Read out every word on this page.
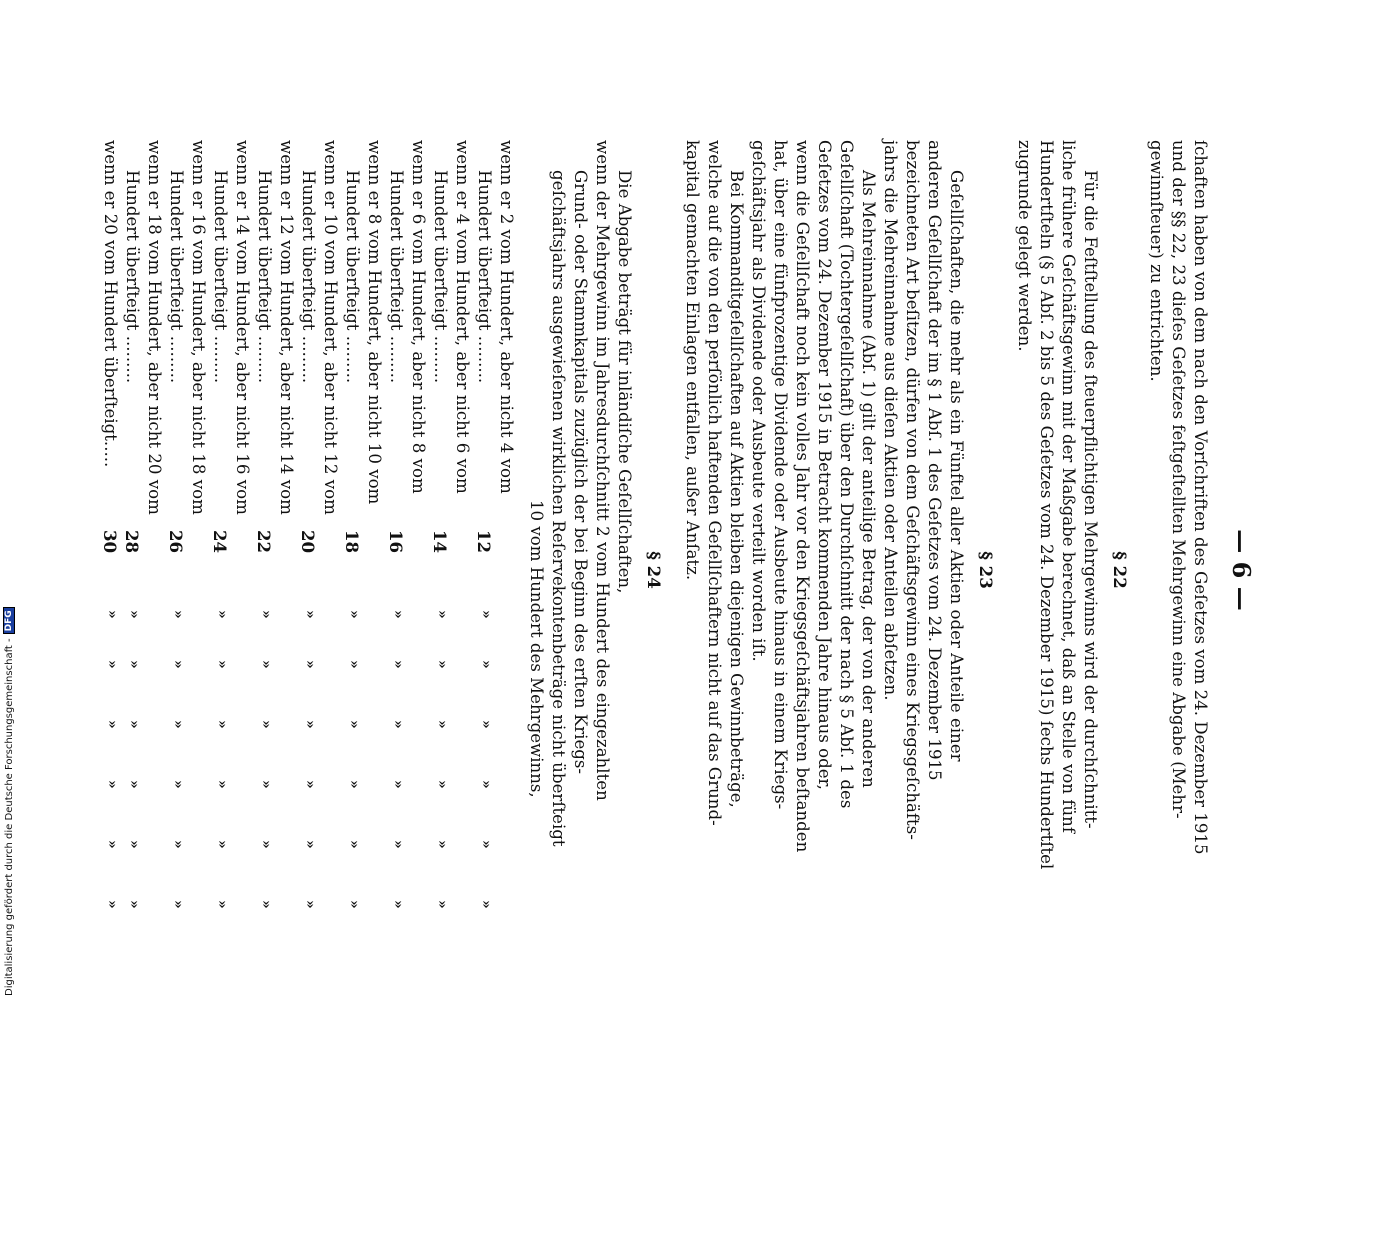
— 6 —
ſchaften haben von dem nach den Vorſchriften des Geſetzes vom 24. Dezember 1915
und der §§ 22, 23 dieſes Geſetzes feſtgeſtellten Mehrgewinn eine Abgabe (Mehr-
gewinnſteuer) zu entrichten.
§ 22
Für die Feſtſtellung des ſteuerpflichtigen Mehrgewinns wird der durchſchnitt-
liche frühere Geſchäftsgewinn mit der Maßgabe berechnet, daß an Stelle von fünf
Hundertſteln (§ 5 Abſ. 2 bis 5 des Geſetzes vom 24. Dezember 1915) ſechs Hundertſtel
zugrunde gelegt werden.
§ 23
Geſellſchaften, die mehr als ein Fünftel aller Aktien oder Anteile einer
anderen Geſellſchaft der im § 1 Abſ. 1 des Geſetzes vom 24. Dezember 1915
bezeichneten Art beſitzen, dürfen von dem Geſchäftsgewinn eines Kriegsgeſchäfts-
jahrs die Mehreinnahme aus dieſen Aktien oder Anteilen abſetzen.
Als Mehreinnahme (Abſ. 1) gilt der anteilige Betrag, der von der anderen
Geſellſchaft (Tochtergeſellſchaft) über den Durchſchnitt der nach § 5 Abſ. 1 des
Geſetzes vom 24. Dezember 1915 in Betracht kommenden Jahre hinaus oder,
wenn die Geſellſchaft noch kein volles Jahr vor den Kriegsgeſchäftsjahren beſtanden
hat, über eine fünfprozentige Dividende oder Ausbeute hinaus in einem Kriegs-
geſchäftsjahr als Dividende oder Ausbeute verteilt worden iſt.
Bei Kommanditgeſellſchaften auf Aktien bleiben diejenigen Gewinnbeträge,
welche auf die von den perſönlich haftenden Geſellſchaftern nicht auf das Grund-
kapital gemachten Einlagen entfallen, außer Anſatz.
§ 24
Die Abgabe beträgt für inländiſche Geſellſchaften,
wenn der Mehrgewinn im Jahresdurchſchnitt 2 vom Hundert des eingezahlten
Grund- oder Stammkapitals zuzüglich der bei Beginn des erſten Kriegs-
geſchäftsjahrs ausgewieſenen wirklichen Reſervekontenbeträge nicht überſteigt
10 vom Hundert des Mehrgewinns,
wenn er 2 vom Hundert, aber nicht 4 vom
Hundert überſteigt .........
12
»
»
»
»
»
»
wenn er 4 vom Hundert, aber nicht 6 vom
Hundert überſteigt .........
14
»
»
»
»
»
»
wenn er 6 vom Hundert, aber nicht 8 vom
Hundert überſteigt .........
16
»
»
»
»
»
»
wenn er 8 vom Hundert, aber nicht 10 vom
Hundert überſteigt .........
18
»
»
»
»
»
»
wenn er 10 vom Hundert, aber nicht 12 vom
Hundert überſteigt .........
20
»
»
»
»
»
»
wenn er 12 vom Hundert, aber nicht 14 vom
Hundert überſteigt .........
22
»
»
»
»
»
»
wenn er 14 vom Hundert, aber nicht 16 vom
Hundert überſteigt .........
24
»
»
»
»
»
»
wenn er 16 vom Hundert, aber nicht 18 vom
Hundert überſteigt .........
26
»
»
»
»
»
»
wenn er 18 vom Hundert, aber nicht 20 vom
Hundert überſteigt .........
28
»
»
»
»
»
»
wenn er 20 vom Hundert überſteigt.....
30
»
»
»
»
»
»
Digitalisierung gefördert durch die Deutsche Forschungsgemeinschaft -
DFG
